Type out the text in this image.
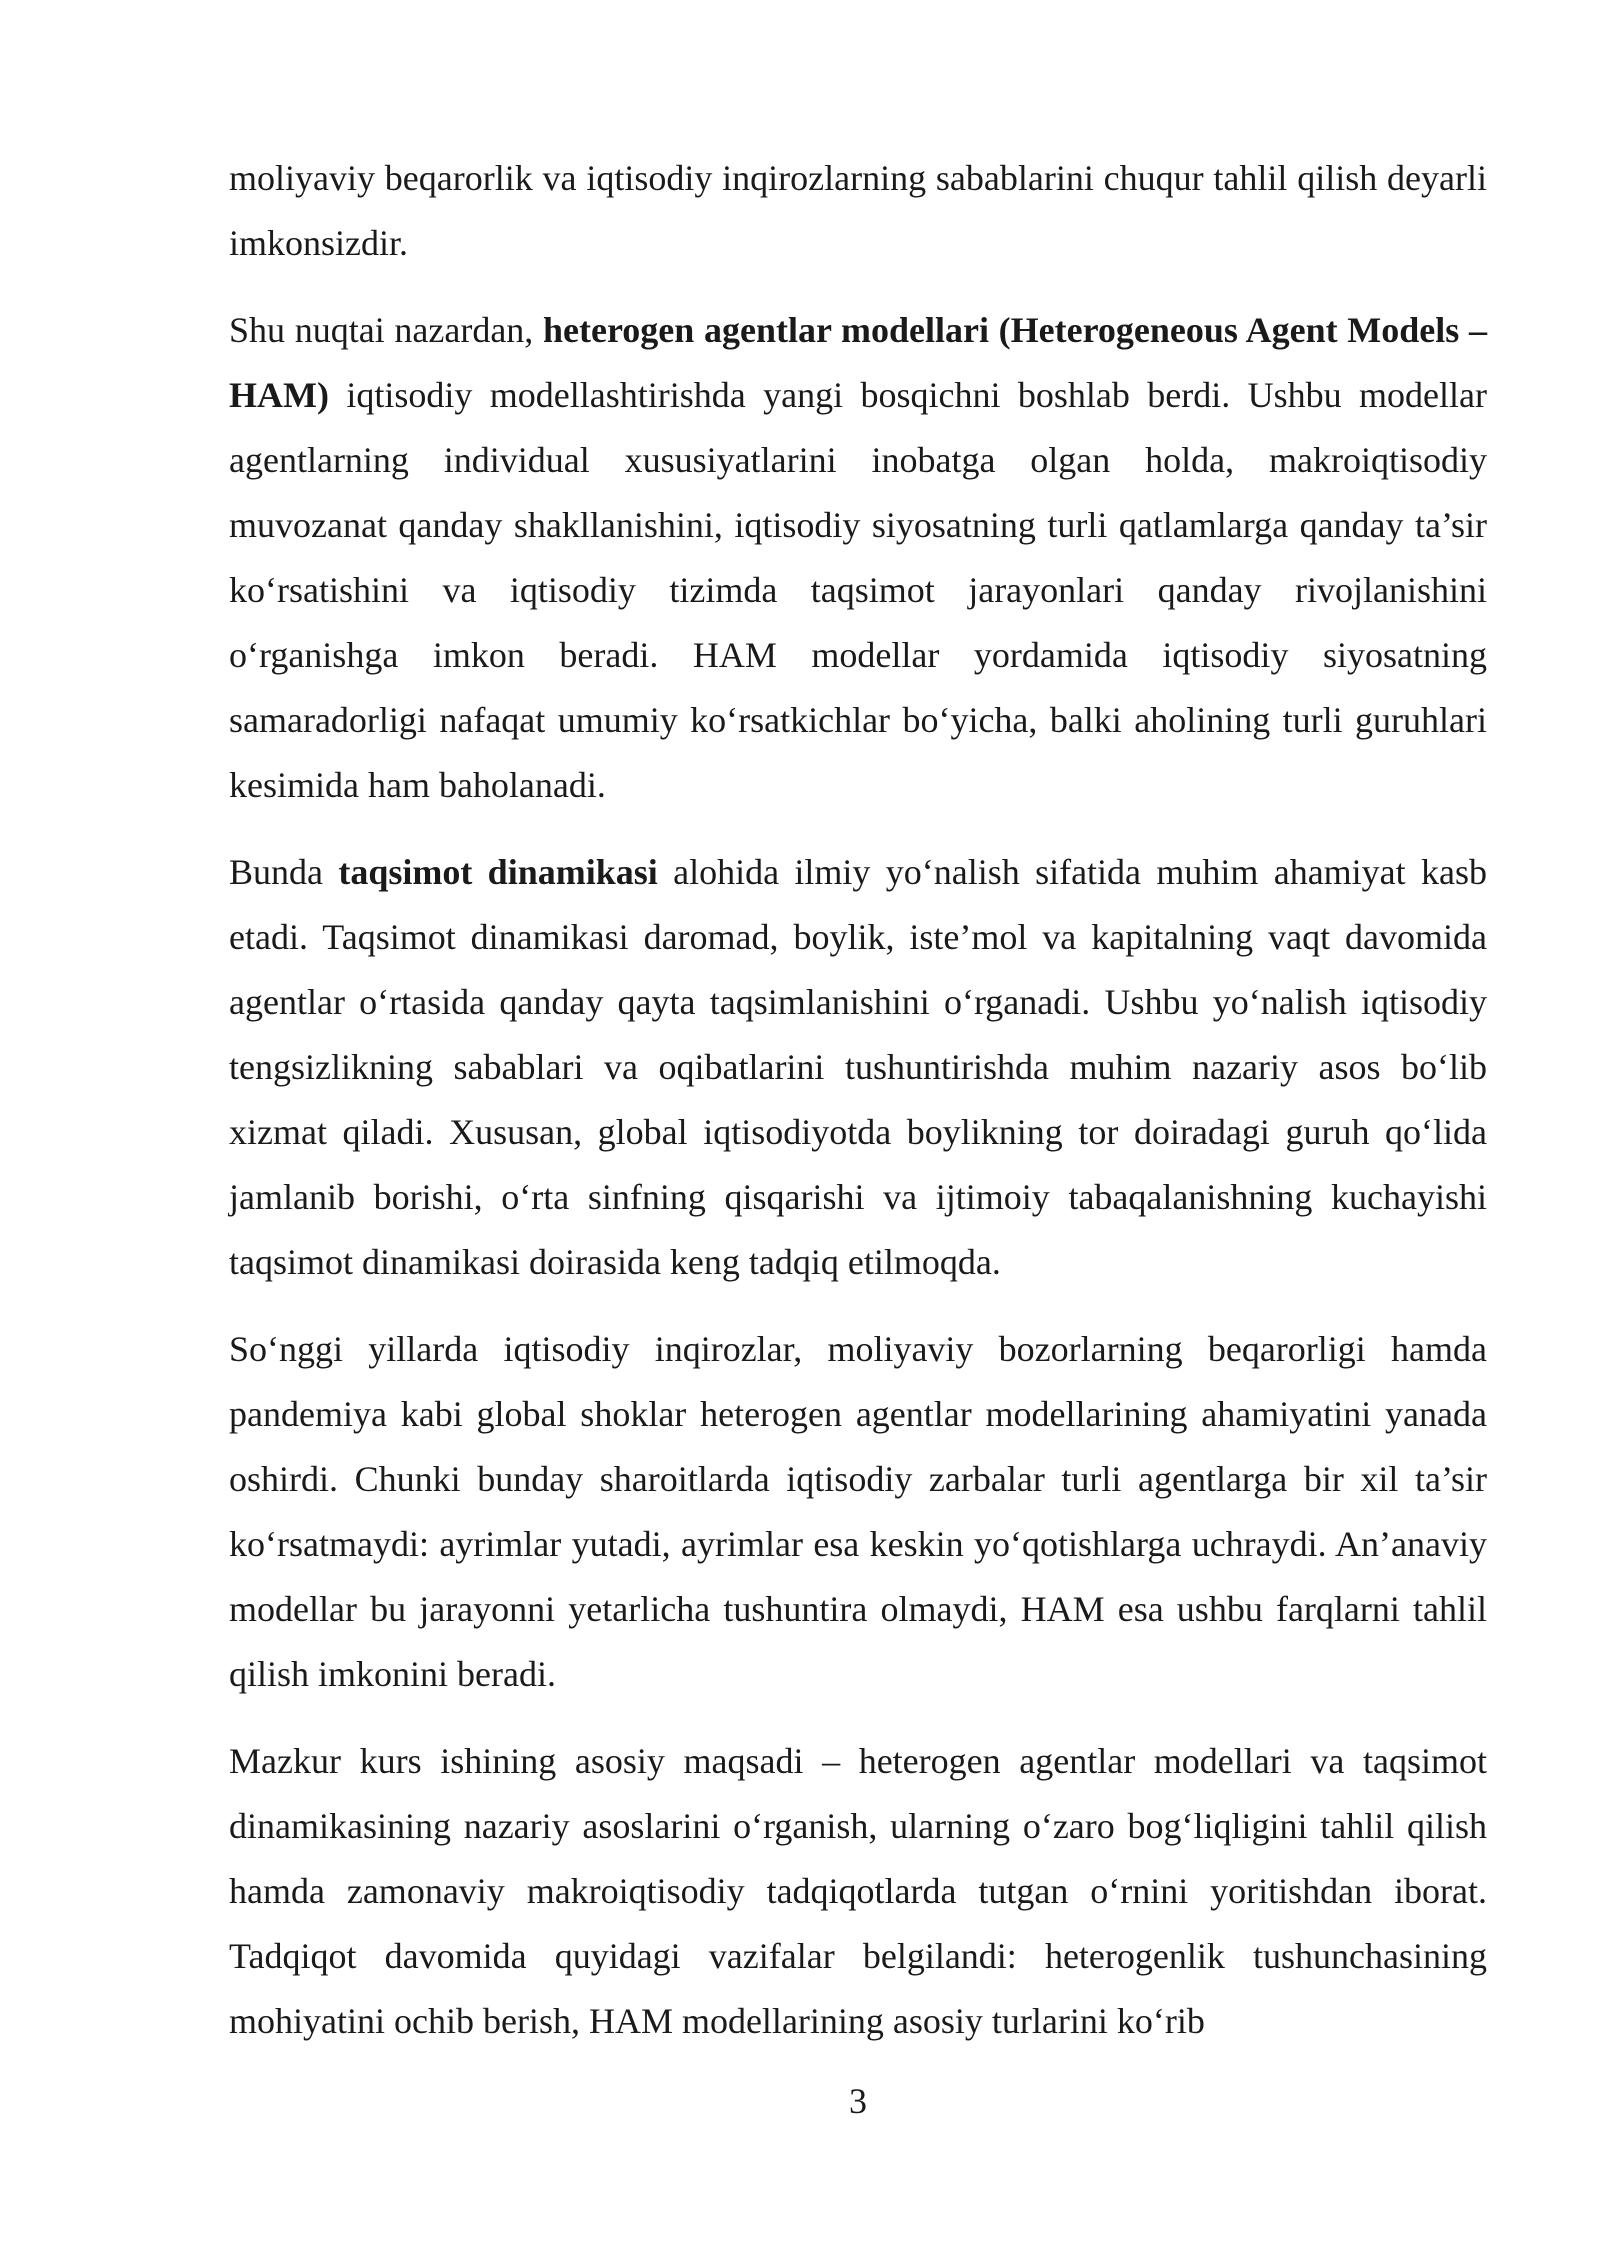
moliyaviy beqarorlik va iqtisodiy inqirozlarning sabablarini chuqur tahlil qilish deyarli imkonsizdir.

Shu nuqtai nazardan, heterogen agentlar modellari (Heterogeneous Agent Models – HAM) iqtisodiy modellashtirishda yangi bosqichni boshlab berdi. Ushbu modellar agentlarning individual xususiyatlarini inobatga olgan holda, makroiqtisodiy muvozanat qanday shakllanishini, iqtisodiy siyosatning turli qatlamlarga qanday ta’sir ko‘rsatishini va iqtisodiy tizimda taqsimot jarayonlari qanday rivojlanishini o‘rganishga imkon beradi. HAM modellar yordamida iqtisodiy siyosatning samaradorligi nafaqat umumiy ko‘rsatkichlar bo‘yicha, balki aholining turli guruhlari kesimida ham baholanadi.

Bunda taqsimot dinamikasi alohida ilmiy yo‘nalish sifatida muhim ahamiyat kasb etadi. Taqsimot dinamikasi daromad, boylik, iste’mol va kapitalning vaqt davomida agentlar o‘rtasida qanday qayta taqsimlanishini o‘rganadi. Ushbu yo‘nalish iqtisodiy tengsizlikning sabablari va oqibatlarini tushuntirishda muhim nazariy asos bo‘lib xizmat qiladi. Xususan, global iqtisodiyotda boylikning tor doiradagi guruh qo‘lida jamlanib borishi, o‘rta sinfning qisqarishi va ijtimoiy tabaqalanishning kuchayishi taqsimot dinamikasi doirasida keng tadqiq etilmoqda.

So‘nggi yillarda iqtisodiy inqirozlar, moliyaviy bozorlarning beqarorligi hamda pandemiya kabi global shoklar heterogen agentlar modellarining ahamiyatini yanada oshirdi. Chunki bunday sharoitlarda iqtisodiy zarbalar turli agentlarga bir xil ta’sir ko‘rsatmaydi: ayrimlar yutadi, ayrimlar esa keskin yo‘qotishlarga uchraydi. An’anaviy modellar bu jarayonni yetarlicha tushuntira olmaydi, HAM esa ushbu farqlarni tahlil qilish imkonini beradi.

Mazkur kurs ishining asosiy maqsadi – heterogen agentlar modellari va taqsimot dinamikasining nazariy asoslarini o‘rganish, ularning o‘zaro bog‘liqligini tahlil qilish hamda zamonaviy makroiqtisodiy tadqiqotlarda tutgan o‘rnini yoritishdan iborat. Tadqiqot davomida quyidagi vazifalar belgilandi: heterogenlik tushunchasining mohiyatini ochib berish, HAM modellarining asosiy turlarini ko‘rib

3
